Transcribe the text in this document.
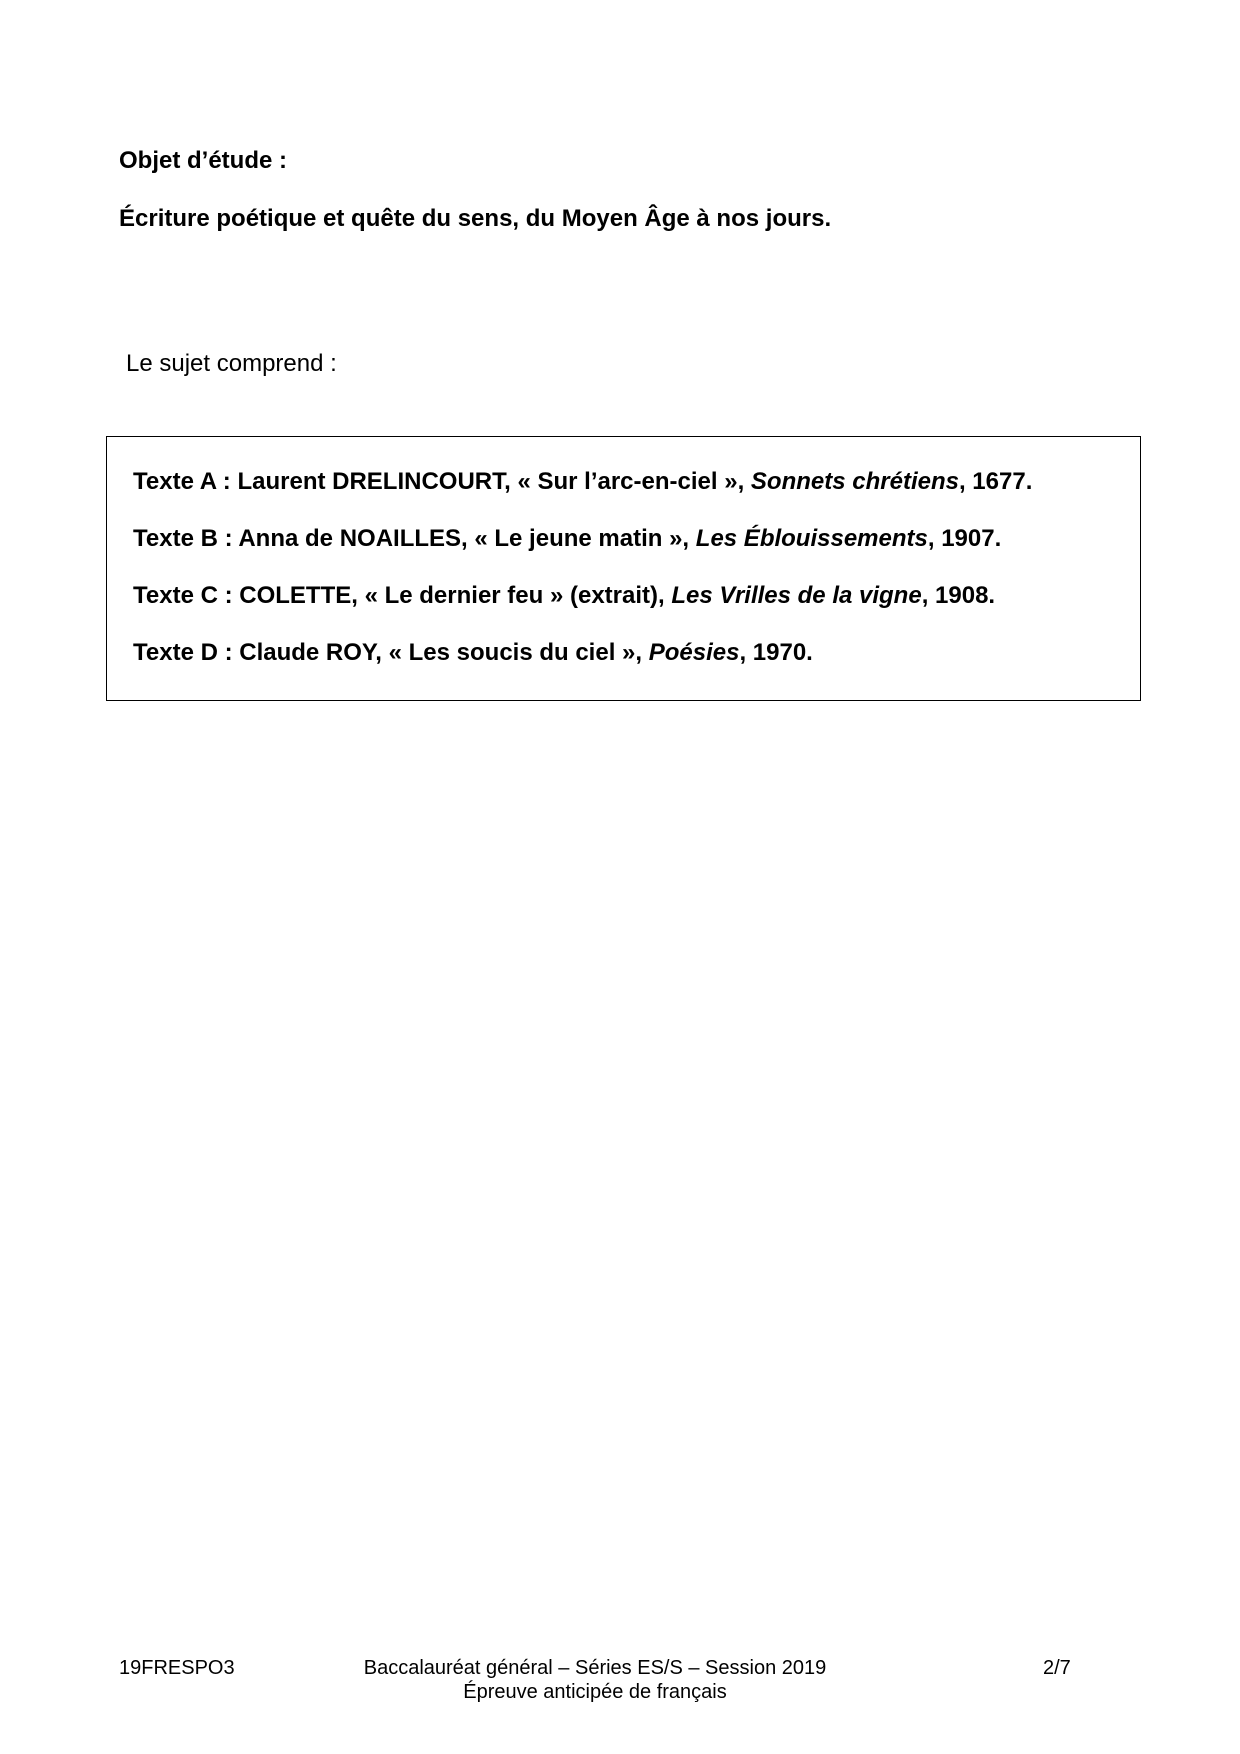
Objet d’étude :

Écriture poétique et quête du sens, du Moyen Âge à nos jours.

Le sujet comprend :

Texte A : Laurent DRELINCOURT, « Sur l’arc-en-ciel », Sonnets chrétiens, 1677.

Texte B : Anna de NOAILLES, « Le jeune matin », Les Éblouissements, 1907.

Texte C : COLETTE, « Le dernier feu » (extrait), Les Vrilles de la vigne, 1908.

Texte D : Claude ROY, « Les soucis du ciel », Poésies, 1970.

19FRESPO3	Baccalauréat général – Séries ES/S – Session 2019
Épreuve anticipée de français
2/7
